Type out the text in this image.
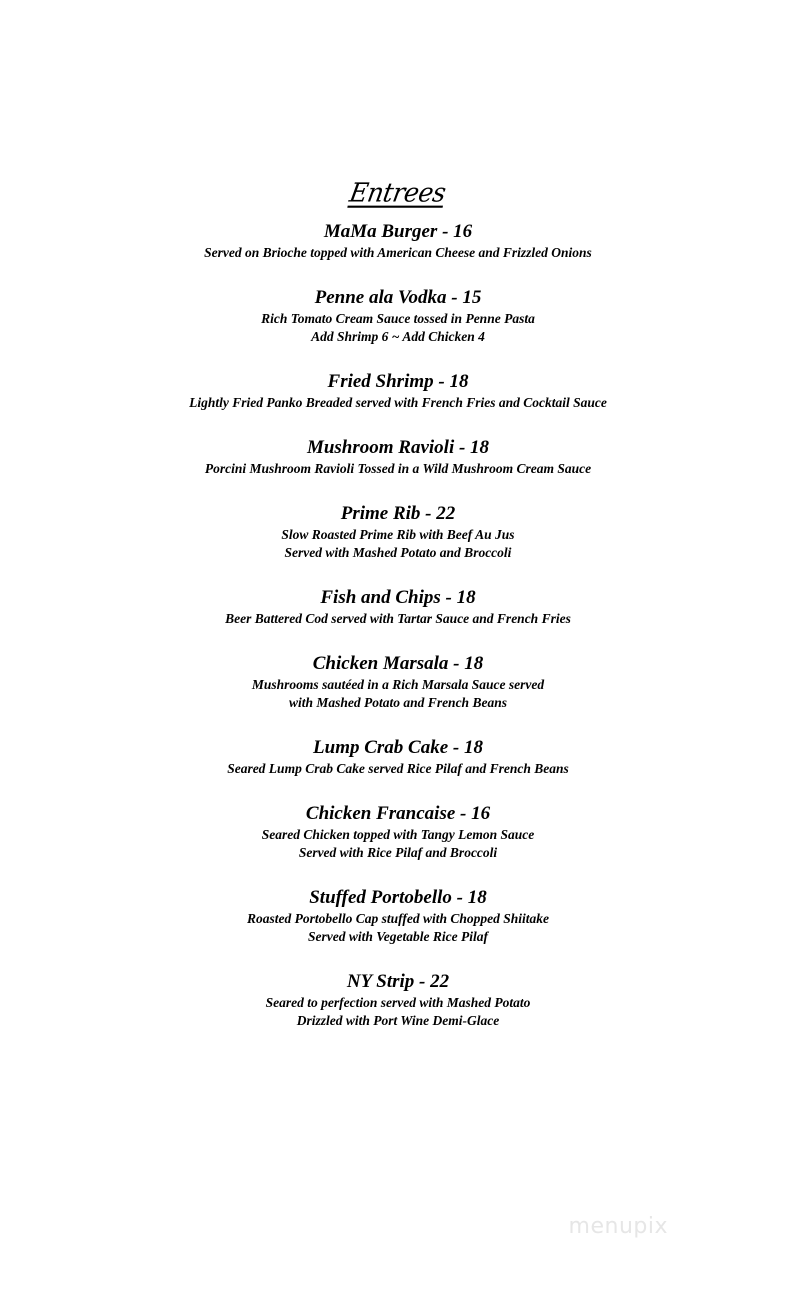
Entrees
MaMa Burger - 16
Served on Brioche topped with American Cheese and Frizzled Onions
Penne ala Vodka - 15
Rich Tomato Cream Sauce tossed in Penne Pasta
Add Shrimp 6 ~ Add Chicken 4
Fried Shrimp - 18
Lightly Fried Panko Breaded served with French Fries and Cocktail Sauce
Mushroom Ravioli - 18
Porcini Mushroom Ravioli Tossed in a Wild Mushroom Cream Sauce
Prime Rib - 22
Slow Roasted Prime Rib with Beef Au Jus
Served with Mashed Potato and Broccoli
Fish and Chips - 18
Beer Battered Cod served with Tartar Sauce and French Fries
Chicken Marsala - 18
Mushrooms sautéed in a Rich Marsala Sauce served
with Mashed Potato and French Beans
Lump Crab Cake - 18
Seared Lump Crab Cake served Rice Pilaf and French Beans
Chicken Francaise - 16
Seared Chicken topped with Tangy Lemon Sauce
Served with Rice Pilaf and Broccoli
Stuffed Portobello - 18
Roasted Portobello Cap stuffed with Chopped Shiitake
Served with Vegetable Rice Pilaf
NY Strip - 22
Seared to perfection served with Mashed Potato
Drizzled with Port Wine Demi-Glace
menupix
